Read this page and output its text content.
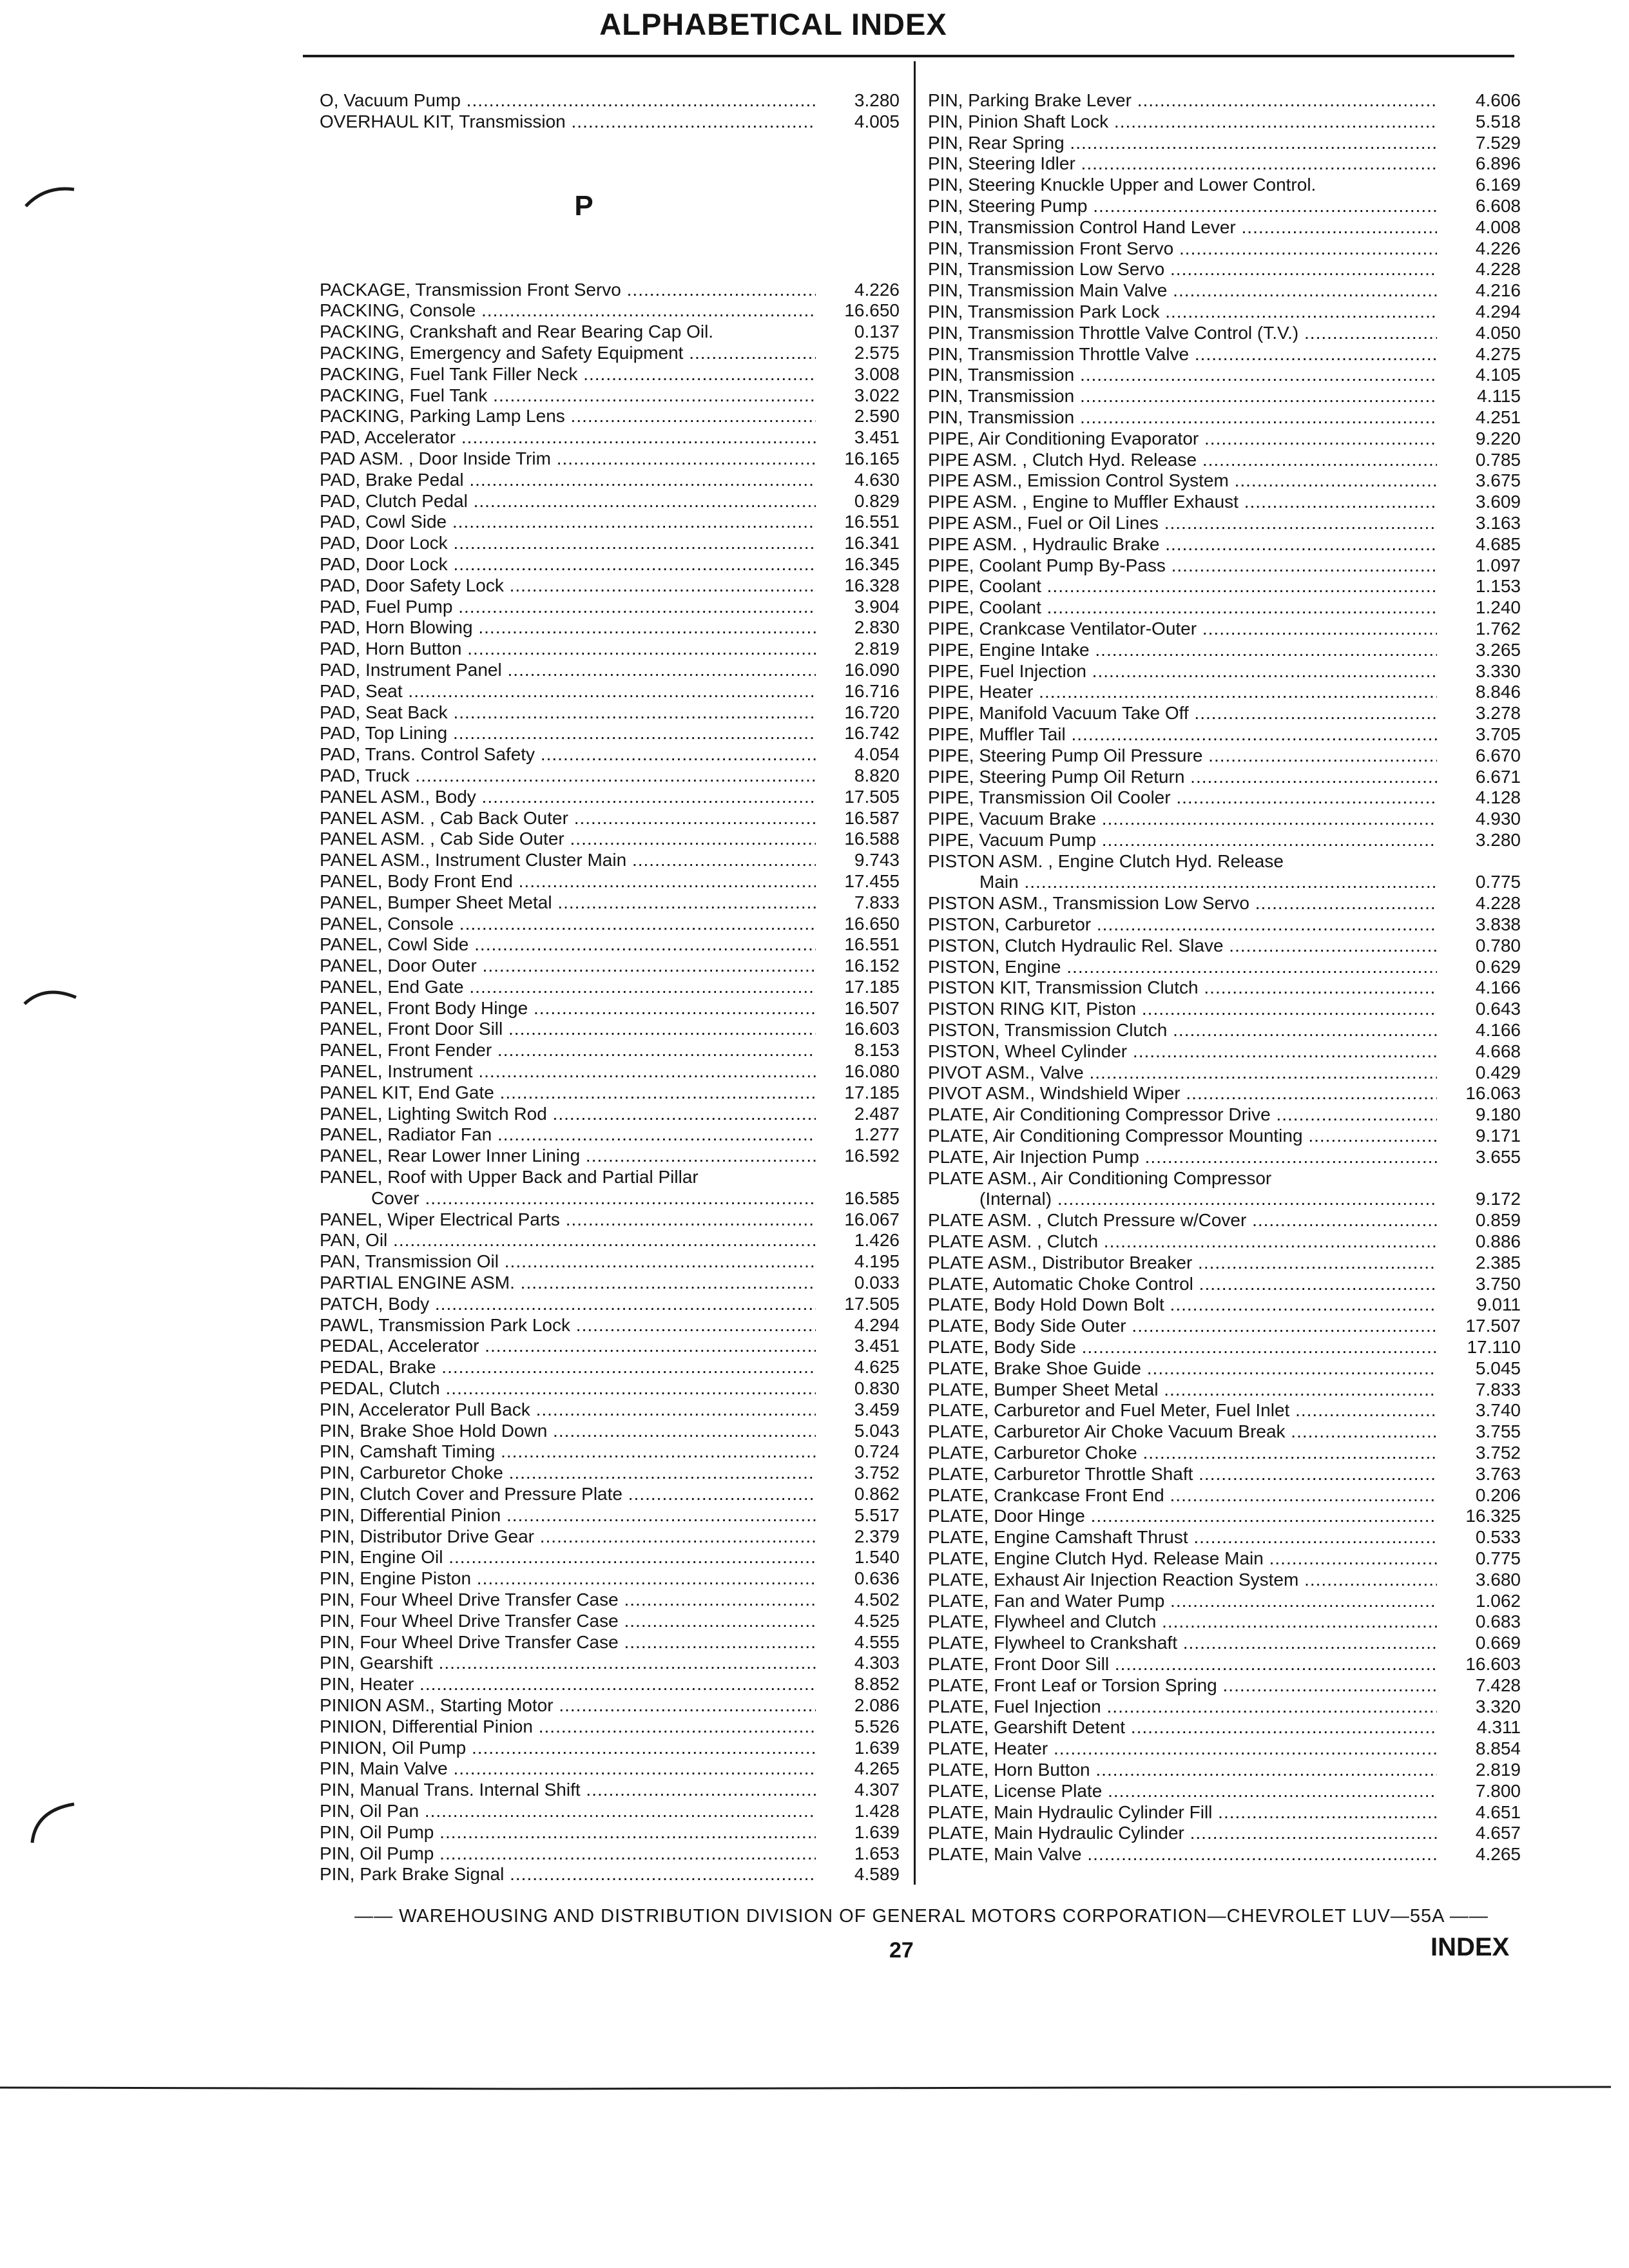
ALPHABETICAL INDEX
O, Vacuum Pump .....	3.280
OVERHAUL KIT, Transmission .....	4.005
P
PACKAGE, Transmission Front Servo .....	4.226
PACKING, Console .....	16.650
PACKING, Crankshaft and Rear Bearing Cap Oil.	0.137
PACKING, Emergency and Safety Equipment .....	2.575
PACKING, Fuel Tank Filler Neck .....	3.008
PACKING, Fuel Tank .....	3.022
PACKING, Parking Lamp Lens .....	2.590
PAD, Accelerator .....	3.451
PAD ASM. , Door Inside Trim .....	16.165
PAD, Brake Pedal .....	4.630
PAD, Clutch Pedal .....	0.829
PAD, Cowl Side .....	16.551
PAD, Door Lock .....	16.341
PAD, Door Lock .....	16.345
PAD, Door Safety Lock .....	16.328
PAD, Fuel Pump .....	3.904
PAD, Horn Blowing .....	2.830
PAD, Horn Button .....	2.819
PAD, Instrument Panel .....	16.090
PAD, Seat .....	16.716
PAD, Seat Back .....	16.720
PAD, Top Lining .....	16.742
PAD, Trans. Control Safety .....	4.054
PAD, Truck .....	8.820
PANEL ASM., Body .....	17.505
PANEL ASM. , Cab Back Outer .....	16.587
PANEL ASM. , Cab Side Outer .....	16.588
PANEL ASM., Instrument Cluster Main .....	9.743
PANEL, Body Front End .....	17.455
PANEL, Bumper Sheet Metal .....	7.833
PANEL, Console .....	16.650
PANEL, Cowl Side .....	16.551
PANEL, Door Outer .....	16.152
PANEL, End Gate .....	17.185
PANEL, Front Body Hinge .....	16.507
PANEL, Front Door Sill .....	16.603
PANEL, Front Fender .....	8.153
PANEL, Instrument .....	16.080
PANEL KIT, End Gate .....	17.185
PANEL, Lighting Switch Rod .....	2.487
PANEL, Radiator Fan .....	1.277
PANEL, Rear Lower Inner Lining .....	16.592
PANEL, Roof with Upper Back and Partial Pillar
Cover .....	16.585
PANEL, Wiper Electrical Parts .....	16.067
PAN, Oil .....	1.426
PAN, Transmission Oil .....	4.195
PARTIAL ENGINE ASM. .....	0.033
PATCH, Body .....	17.505
PAWL, Transmission Park Lock .....	4.294
PEDAL, Accelerator .....	3.451
PEDAL, Brake .....	4.625
PEDAL, Clutch .....	0.830
PIN, Accelerator Pull Back .....	3.459
PIN, Brake Shoe Hold Down .....	5.043
PIN, Camshaft Timing .....	0.724
PIN, Carburetor Choke .....	3.752
PIN, Clutch Cover and Pressure Plate .....	0.862
PIN, Differential Pinion .....	5.517
PIN, Distributor Drive Gear .....	2.379
PIN, Engine Oil .....	1.540
PIN, Engine Piston .....	0.636
PIN, Four Wheel Drive Transfer Case .....	4.502
PIN, Four Wheel Drive Transfer Case .....	4.525
PIN, Four Wheel Drive Transfer Case .....	4.555
PIN, Gearshift .....	4.303
PIN, Heater .....	8.852
PINION ASM., Starting Motor .....	2.086
PINION, Differential Pinion .....	5.526
PINION, Oil Pump .....	1.639
PIN, Main Valve .....	4.265
PIN, Manual Trans. Internal Shift .....	4.307
PIN, Oil Pan .....	1.428
PIN, Oil Pump .....	1.639
PIN, Oil Pump .....	1.653
PIN, Park Brake Signal .....	4.589
PIN, Parking Brake Lever .....	4.606
PIN, Pinion Shaft Lock .....	5.518
PIN, Rear Spring .....	7.529
PIN, Steering Idler .....	6.896
PIN, Steering Knuckle Upper and Lower Control.	6.169
PIN, Steering Pump .....	6.608
PIN, Transmission Control Hand Lever .....	4.008
PIN, Transmission Front Servo .....	4.226
PIN, Transmission Low Servo .....	4.228
PIN, Transmission Main Valve .....	4.216
PIN, Transmission Park Lock .....	4.294
PIN, Transmission Throttle Valve Control (T.V.) .....	4.050
PIN, Transmission Throttle Valve .....	4.275
PIN, Transmission .....	4.105
PIN, Transmission .....	4.115
PIN, Transmission .....	4.251
PIPE, Air Conditioning Evaporator .....	9.220
PIPE ASM. , Clutch Hyd. Release .....	0.785
PIPE ASM., Emission Control System .....	3.675
PIPE ASM. , Engine to Muffler Exhaust .....	3.609
PIPE ASM., Fuel or Oil Lines .....	3.163
PIPE ASM. , Hydraulic Brake .....	4.685
PIPE, Coolant Pump By-Pass .....	1.097
PIPE, Coolant .....	1.153
PIPE, Coolant .....	1.240
PIPE, Crankcase Ventilator-Outer .....	1.762
PIPE, Engine Intake .....	3.265
PIPE, Fuel Injection .....	3.330
PIPE, Heater .....	8.846
PIPE, Manifold Vacuum Take Off .....	3.278
PIPE, Muffler Tail .....	3.705
PIPE, Steering Pump Oil Pressure .....	6.670
PIPE, Steering Pump Oil Return .....	6.671
PIPE, Transmission Oil Cooler .....	4.128
PIPE, Vacuum Brake .....	4.930
PIPE, Vacuum Pump .....	3.280
PISTON ASM. , Engine Clutch Hyd. Release
Main .....	0.775
PISTON ASM., Transmission Low Servo .....	4.228
PISTON, Carburetor .....	3.838
PISTON, Clutch Hydraulic Rel. Slave .....	0.780
PISTON, Engine .....	0.629
PISTON KIT, Transmission Clutch .....	4.166
PISTON RING KIT, Piston .....	0.643
PISTON, Transmission Clutch .....	4.166
PISTON, Wheel Cylinder .....	4.668
PIVOT ASM., Valve .....	0.429
PIVOT ASM., Windshield Wiper .....	16.063
PLATE, Air Conditioning Compressor Drive .....	9.180
PLATE, Air Conditioning Compressor Mounting .....	9.171
PLATE, Air Injection Pump .....	3.655
PLATE ASM., Air Conditioning Compressor
(Internal) .....	9.172
PLATE ASM. , Clutch Pressure w/Cover .....	0.859
PLATE ASM. , Clutch .....	0.886
PLATE ASM., Distributor Breaker .....	2.385
PLATE, Automatic Choke Control .....	3.750
PLATE, Body Hold Down Bolt .....	9.011
PLATE, Body Side Outer .....	17.507
PLATE, Body Side .....	17.110
PLATE, Brake Shoe Guide .....	5.045
PLATE, Bumper Sheet Metal .....	7.833
PLATE, Carburetor and Fuel Meter, Fuel Inlet .....	3.740
PLATE, Carburetor Air Choke Vacuum Break .....	3.755
PLATE, Carburetor Choke .....	3.752
PLATE, Carburetor Throttle Shaft .....	3.763
PLATE, Crankcase Front End .....	0.206
PLATE, Door Hinge .....	16.325
PLATE, Engine Camshaft Thrust .....	0.533
PLATE, Engine Clutch Hyd. Release Main .....	0.775
PLATE, Exhaust Air Injection Reaction System .....	3.680
PLATE, Fan and Water Pump .....	1.062
PLATE, Flywheel and Clutch .....	0.683
PLATE, Flywheel to Crankshaft .....	0.669
PLATE, Front Door Sill .....	16.603
PLATE, Front Leaf or Torsion Spring .....	7.428
PLATE, Fuel Injection .....	3.320
PLATE, Gearshift Detent .....	4.311
PLATE, Heater .....	8.854
PLATE, Horn Button .....	2.819
PLATE, License Plate .....	7.800
PLATE, Main Hydraulic Cylinder Fill .....	4.651
PLATE, Main Hydraulic Cylinder .....	4.657
PLATE, Main Valve .....	4.265
—— WAREHOUSING AND DISTRIBUTION DIVISION OF GENERAL MOTORS CORPORATION—CHEVROLET LUV—55A ——
27	INDEX
